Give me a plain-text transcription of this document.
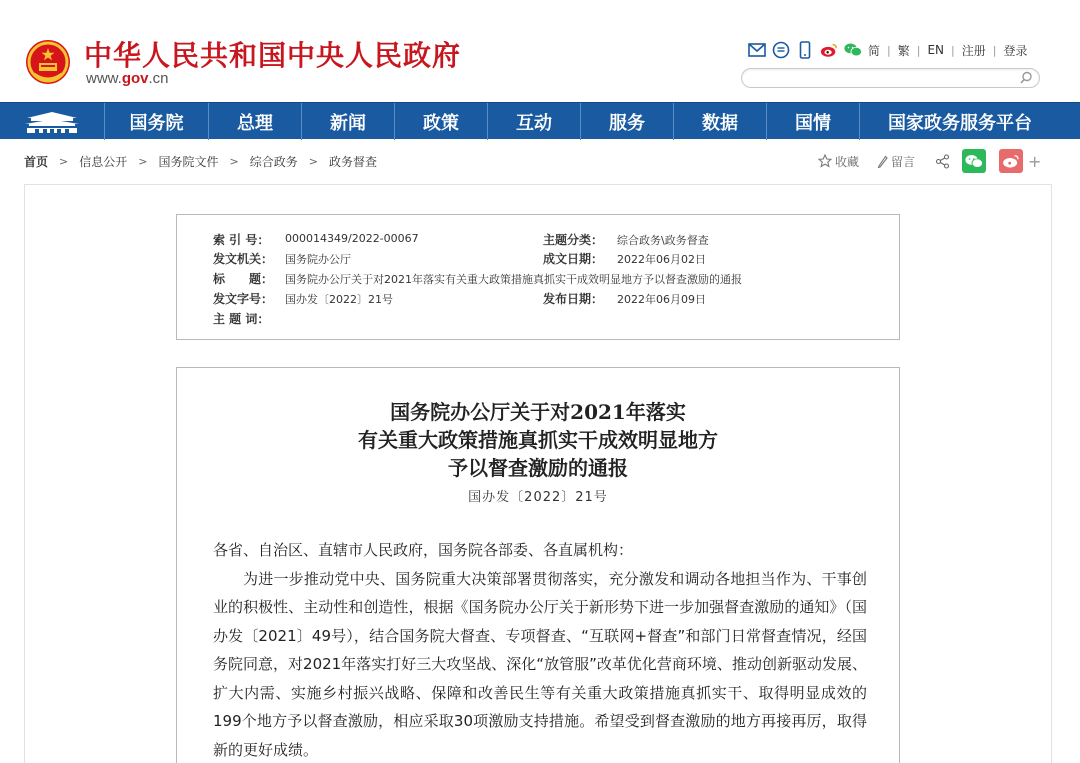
中华人民共和国中央人民政府
www.gov.cn
简 | 繁 | EN | 注册 | 登录
国务院	总理	新闻	政策	互动	服务	数据	国情	国家政务服务平台
首页 > 信息公开 > 国务院文件 > 综合政务 > 政务督查	收藏	留言	+
索 引 号：	000014349/2022-00067	主题分类：	综合政务\政务督查
发文机关：	国务院办公厅	成文日期：	2022年06月02日
标　　题：	国务院办公厅关于对2021年落实有关重大政策措施真抓实干成效明显地方予以督查激励的通报
发文字号：	国办发〔2022〕21号	发布日期：	2022年06月09日
主 题 词：
国务院办公厅关于对2021年落实
有关重大政策措施真抓实干成效明显地方
予以督查激励的通报
国办发〔2022〕21号

各省、自治区、直辖市人民政府，国务院各部委、各直属机构：

为进一步推动党中央、国务院重大决策部署贯彻落实，充分激发和调动各地担当作为、干事创业的积极性、主动性和创造性，根据《国务院办公厅关于新形势下进一步加强督查激励的通知》（国办发〔2021〕49号），结合国务院大督查、专项督查、“互联网+督查”和部门日常督查情况，经国务院同意，对2021年落实打好三大攻坚战、深化“放管服”改革优化营商环境、推动创新驱动发展、扩大内需、实施乡村振兴战略、保障和改善民生等有关重大政策措施真抓实干、取得明显成效的199个地方予以督查激励，相应采取30项激励支持措施。希望受到督查激励的地方再接再厉，取得新的更好成绩。
